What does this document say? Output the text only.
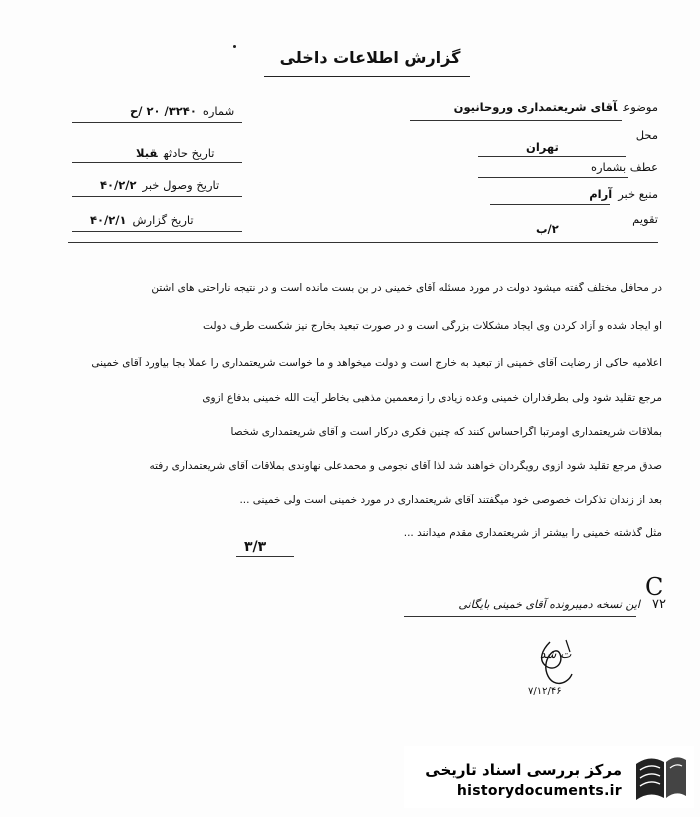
گزارش اطلاعات داخلی
شماره۳۲۴۰/ ۲۰ /ح
تاریخ حادثهقبلا
تاریخ وصول خبر۴۰/۲/۲
تاریخ گزارش۴۰/۲/۱
موضوعآقای شریعتمداری وروحانیون
محل
تهران
عطف بشماره
منبع خبرآرام
تقویم
۲/ب
در محافل مختلف گفته میشود دولت در مورد مسئله آقای خمینی در بن بست مانده است و در نتیجه ناراحتی های اشتن
او ایجاد شده و آزاد کردن وی ایجاد مشکلات بزرگی است و در صورت تبعید بخارج نیز شکست طرف دولت
اعلامیه حاکی از رضایت آقای خمینی از تبعید به خارج است و دولت میخواهد و ما خواست شریعتمداری را عملا بجا بیاورد آقای خمینی
مرجع تقلید شود ولی بطرفداران خمینی وعده زیادی را زمعممین مذهبی بخاطر آیت الله خمینی بدفاع ازوی
بملاقات شریعتمداری اومرتبا اگراحساس کنند که چنین فکری درکار است و آقای شریعتمداری شخصا
صدق مرجع تقلید شود ازوی رویگردان خواهند شد لذا آقای نجومی و محمدعلی نهاوندی بملاقات آقای شریعتمداری رفته
بعد از زندان تذکرات خصوصی خود میگفتند آقای شریعتمداری در مورد خمینی است ولی خمینی ...
مثل گذشته خمینی را بیشتر از شریعتمداری مقدم میدانند ...
۳/۳
C
۷۲
این نسخه دمیبرونده آقای خمینی بایگانی
ت شد
۷/۱۲/۴۶
مرکز بررسی اسناد تاریخی
historydocuments.ir
